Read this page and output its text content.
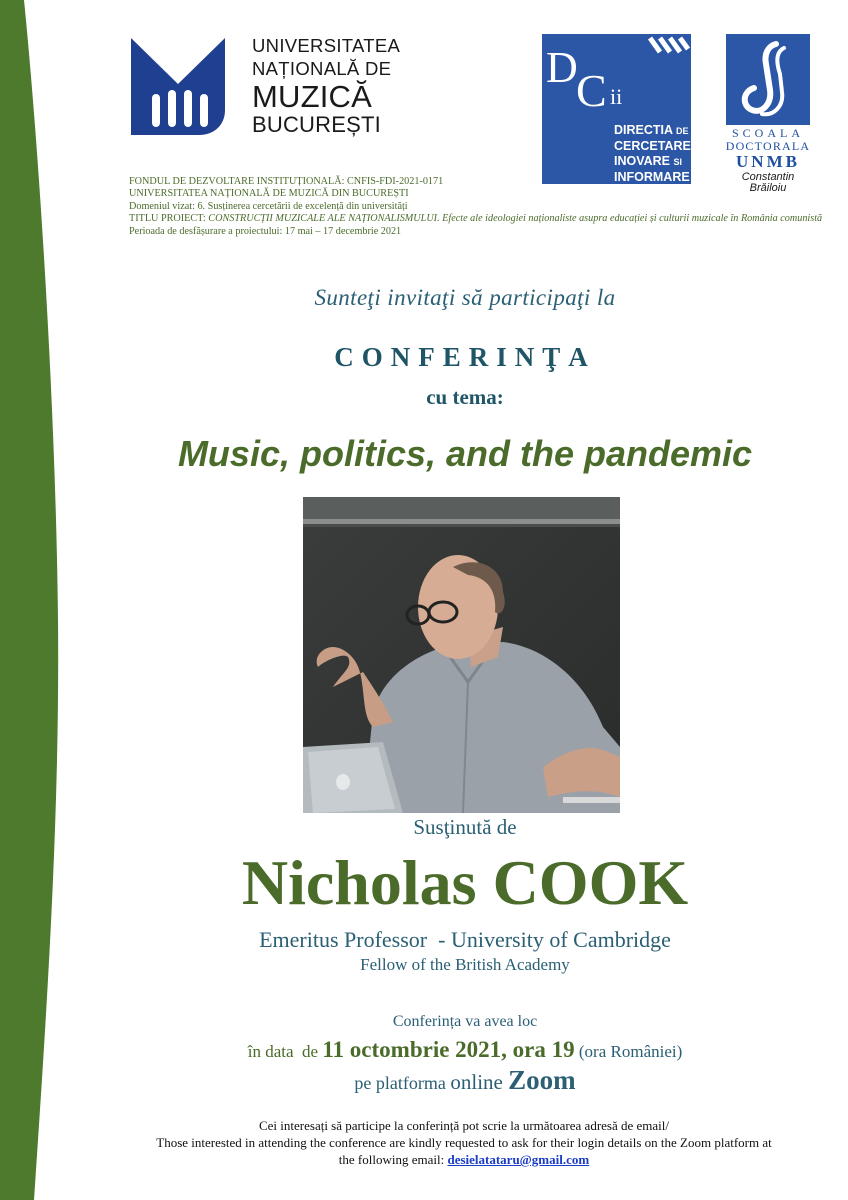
UNIVERSITATEA
NAȚIONALĂ DE
MUZICĂ
BUCUREȘTI
D
C ii
DIRECTIA DE
CERCETARE
INOVARE SI
INFORMARE
SCOALA
DOCTORALA
UNMB
Constantin Brăiloiu
FONDUL DE DEZVOLTARE INSTITUȚIONALĂ: CNFIS-FDI-2021-0171
UNIVERSITATEA NAȚIONALĂ DE MUZICĂ DIN BUCUREȘTI
Domeniul vizat: 6. Susținerea cercetării de excelență din universități
TITLU PROIECT: CONSTRUCȚII MUZICALE ALE NAȚIONALISMULUI. Efecte ale ideologiei naționaliste asupra educației și culturii muzicale în România comunistă
Perioada de desfășurare a proiectului: 17 mai – 17 decembrie 2021
Sunteţi invitaţi să participaţi la
CONFERINŢA
cu tema:
Music, politics, and the pandemic
Susţinută de
Nicholas COOK
Emeritus Professor  - University of Cambridge
Fellow of the British Academy
Conferința va avea loc
în data  de 11 octombrie 2021, ora 19 (ora României)
pe platforma online Zoom
Cei interesați să participe la conferință pot scrie la următoarea adresă de email/
Those interested in attending the conference are kindly requested to ask for their login details on the Zoom platform at
the following email: desielatataru@gmail.com
